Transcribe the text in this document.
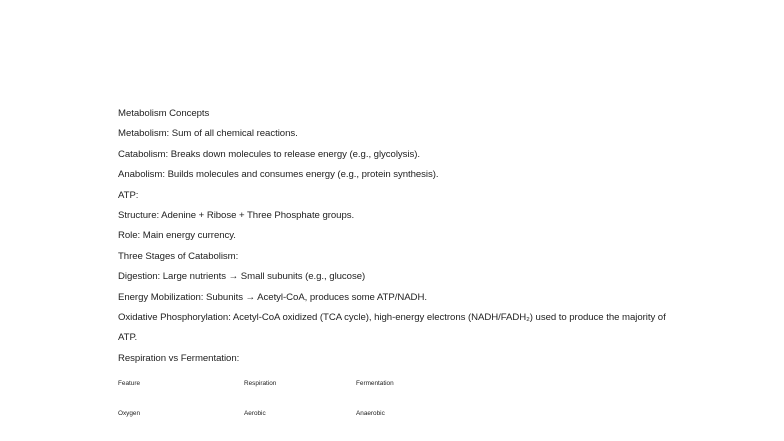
Metabolism Concepts
Metabolism: Sum of all chemical reactions.
Catabolism: Breaks down molecules to release energy (e.g., glycolysis).
Anabolism: Builds molecules and consumes energy (e.g., protein synthesis).
ATP:
Structure: Adenine + Ribose + Three Phosphate groups.
Role: Main energy currency.
Three Stages of Catabolism:
Digestion: Large nutrients → Small subunits (e.g., glucose)
Energy Mobilization: Subunits → Acetyl-CoA, produces some ATP/NADH.
Oxidative Phosphorylation: Acetyl-CoA oxidized (TCA cycle), high-energy electrons (NADH/FADH₂) used to produce the majority of ATP.
Respiration vs Fermentation:
Feature	Respiration	Fermentation
Oxygen	Aerobic	Anaerobic
